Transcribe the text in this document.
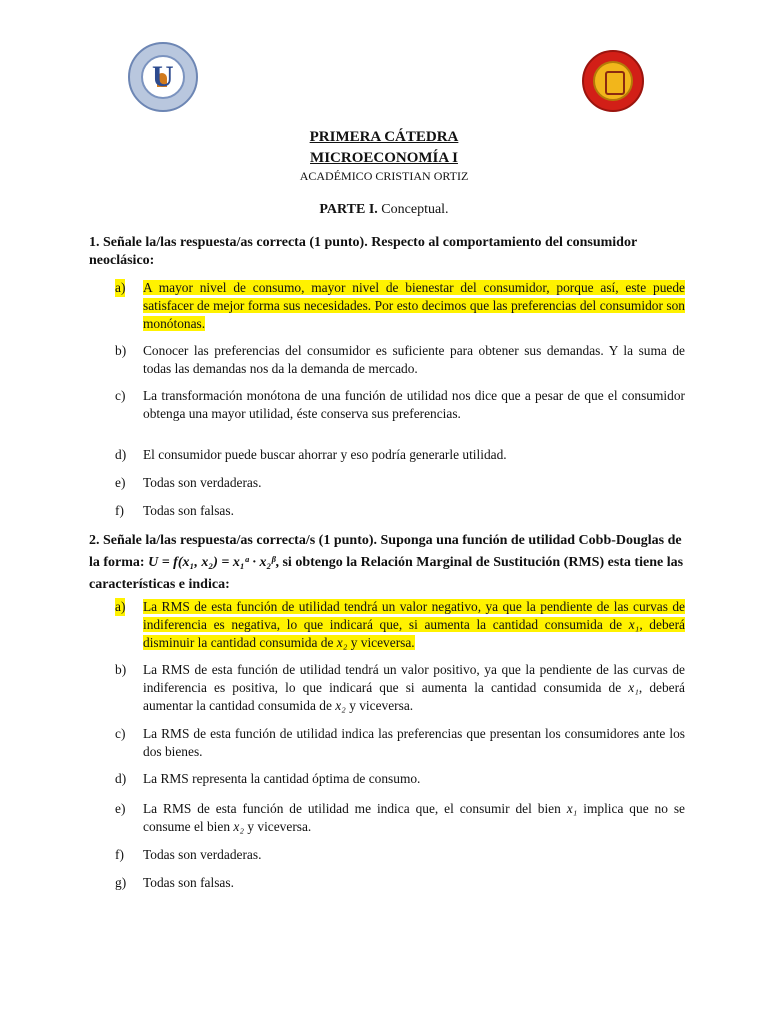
U
PRIMERA CÁTEDRA
MICROECONOMÍA I
ACADÉMICO CRISTIAN ORTIZ
PARTE I. Conceptual.
1. Señale la/las respuesta/as correcta (1 punto). Respecto al comportamiento del consumidor neoclásico:
a) A mayor nivel de consumo, mayor nivel de bienestar del consumidor, porque así, este puede satisfacer de mejor forma sus necesidades. Por esto decimos que las preferencias del consumidor son monótonas.
b) Conocer las preferencias del consumidor es suficiente para obtener sus demandas. Y la suma de todas las demandas nos da la demanda de mercado.
c) La transformación monótona de una función de utilidad nos dice que a pesar de que el consumidor obtenga una mayor utilidad, éste conserva sus preferencias.
d) El consumidor puede buscar ahorrar y eso podría generarle utilidad.
e) Todas son verdaderas.
f) Todas son falsas.
2. Señale la/las respuesta/as correcta/s (1 punto). Suponga una función de utilidad Cobb-Douglas de
la forma: U = f(x₁, x₂) = x₁ᵅ · x₂ᵝ, si obtengo la Relación Marginal de Sustitución (RMS) esta tiene las
características e indica:
a) La RMS de esta función de utilidad tendrá un valor negativo, ya que la pendiente de las curvas de indiferencia es negativa, lo que indicará que, si aumenta la cantidad consumida de x₁, deberá disminuir la cantidad consumida de x₂ y viceversa.
b) La RMS de esta función de utilidad tendrá un valor positivo, ya que la pendiente de las curvas de indiferencia es positiva, lo que indicará que si aumenta la cantidad consumida de x₁, deberá aumentar la cantidad consumida de x₂ y viceversa.
c) La RMS de esta función de utilidad indica las preferencias que presentan los consumidores ante los dos bienes.
d) La RMS representa la cantidad óptima de consumo.
e) La RMS de esta función de utilidad me indica que, el consumir del bien x₁ implica que no se consume el bien x₂ y viceversa.
f) Todas son verdaderas.
g) Todas son falsas.
